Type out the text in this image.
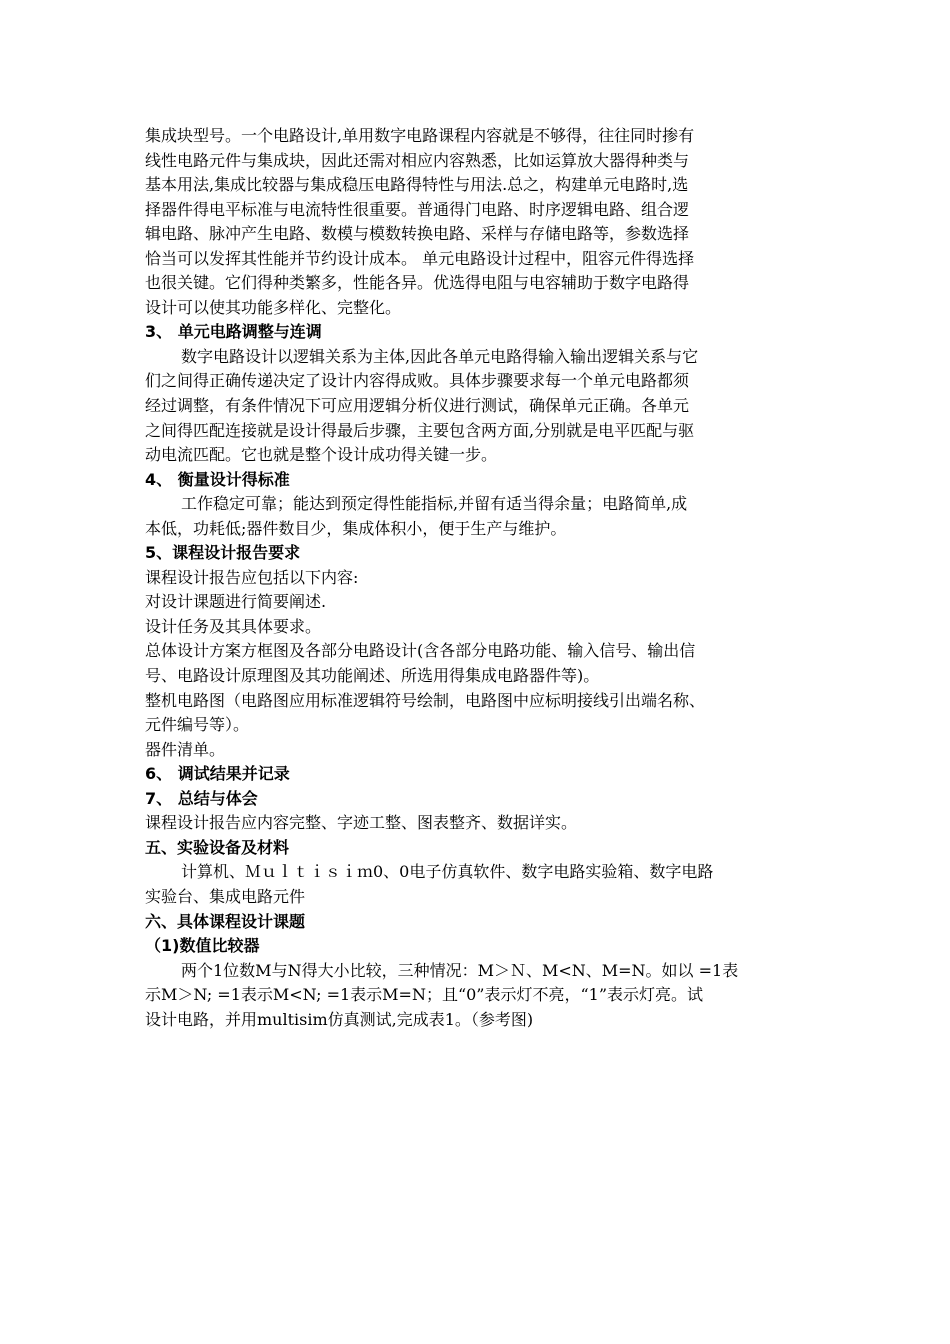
集成块型号。一个电路设计,单用数字电路课程内容就是不够得，往往同时掺有
线性电路元件与集成块，因此还需对相应内容熟悉，比如运算放大器得种类与
基本用法,集成比较器与集成稳压电路得特性与用法.总之，构建单元电路时,选
择器件得电平标准与电流特性很重要。普通得门电路、时序逻辑电路、组合逻
辑电路、脉冲产生电路、数模与模数转换电路、采样与存储电路等，参数选择
恰当可以发挥其性能并节约设计成本。 单元电路设计过程中，阻容元件得选择
也很关键。它们得种类繁多，性能各异。优选得电阻与电容辅助于数字电路得
设计可以使其功能多样化、完整化。
3、 单元电路调整与连调
数字电路设计以逻辑关系为主体,因此各单元电路得输入输出逻辑关系与它
们之间得正确传递决定了设计内容得成败。具体步骤要求每一个单元电路都须
经过调整，有条件情况下可应用逻辑分析仪进行测试，确保单元正确。各单元
之间得匹配连接就是设计得最后步骤，主要包含两方面,分别就是电平匹配与驱
动电流匹配。它也就是整个设计成功得关键一步。
4、 衡量设计得标准
工作稳定可靠；能达到预定得性能指标,并留有适当得余量；电路简单,成
本低，功耗低;器件数目少，集成体积小，便于生产与维护。
5、课程设计报告要求
课程设计报告应包括以下内容:
对设计课题进行简要阐述.
设计任务及其具体要求。
总体设计方案方框图及各部分电路设计(含各部分电路功能、输入信号、输出信
号、电路设计原理图及其功能阐述、所选用得集成电路器件等)。
整机电路图（电路图应用标准逻辑符号绘制，电路图中应标明接线引出端名称、
元件编号等）。
器件清单。
6、 调试结果并记录
7、 总结与体会
课程设计报告应内容完整、字迹工整、图表整齐、数据详实。
五、实验设备及材料
计算机、Ｍｕｌｔｉｓｉｍ0、0电子仿真软件、数字电路实验箱、数字电路
实验台、集成电路元件
六、具体课程设计课题
（1)数值比较器
两个1位数M与N得大小比较，三种情况：M＞Ｎ、M<N、M=N。如以 =1表
示M＞N; =1表示M<N; =1表示M=N；且“0”表示灯不亮，“1”表示灯亮。试
设计电路，并用multisim仿真测试,完成表1。（参考图)
